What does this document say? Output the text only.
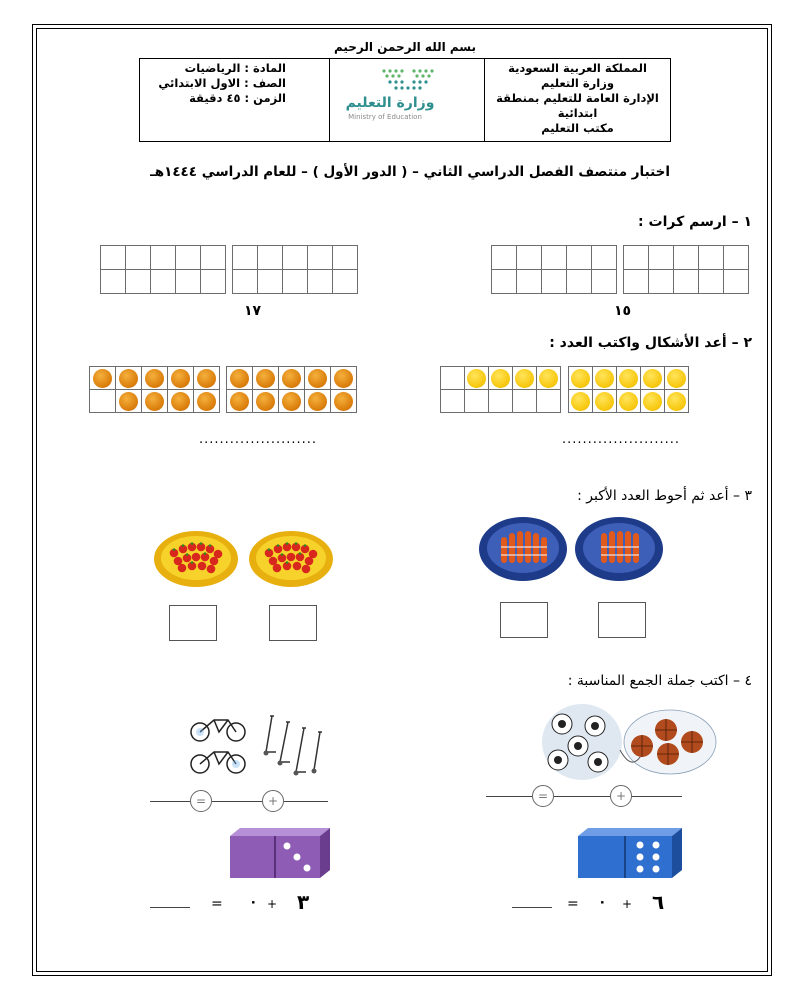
بسم الله الرحمن الرحيم
المملكة العربية السعودية
وزارة التعليم
الإدارة العامة للتعليم بمنطقة
ابتدائية
مكتب التعليم
وزارة التعليم
Ministry of Education
المادة : الرياضيات
الصف : الاول الابتدائي
الزمن : ٤٥ دقيقة
اختبار منتصف الفصل الدراسي الثاني – ( الدور الأول ) – للعام الدراسي ١٤٤٤هـ
١ – ارسم كرات :

١٧	١٥
٢ – أعد الأشكال واكتب العدد :

.......................	.......................
٣ – أعد ثم أحوط العدد الأكبر :
٤ – اكتب جملة الجمع المناسبة :
=	+	=	+
= ٠ + ٣	= ٠ + ٦
